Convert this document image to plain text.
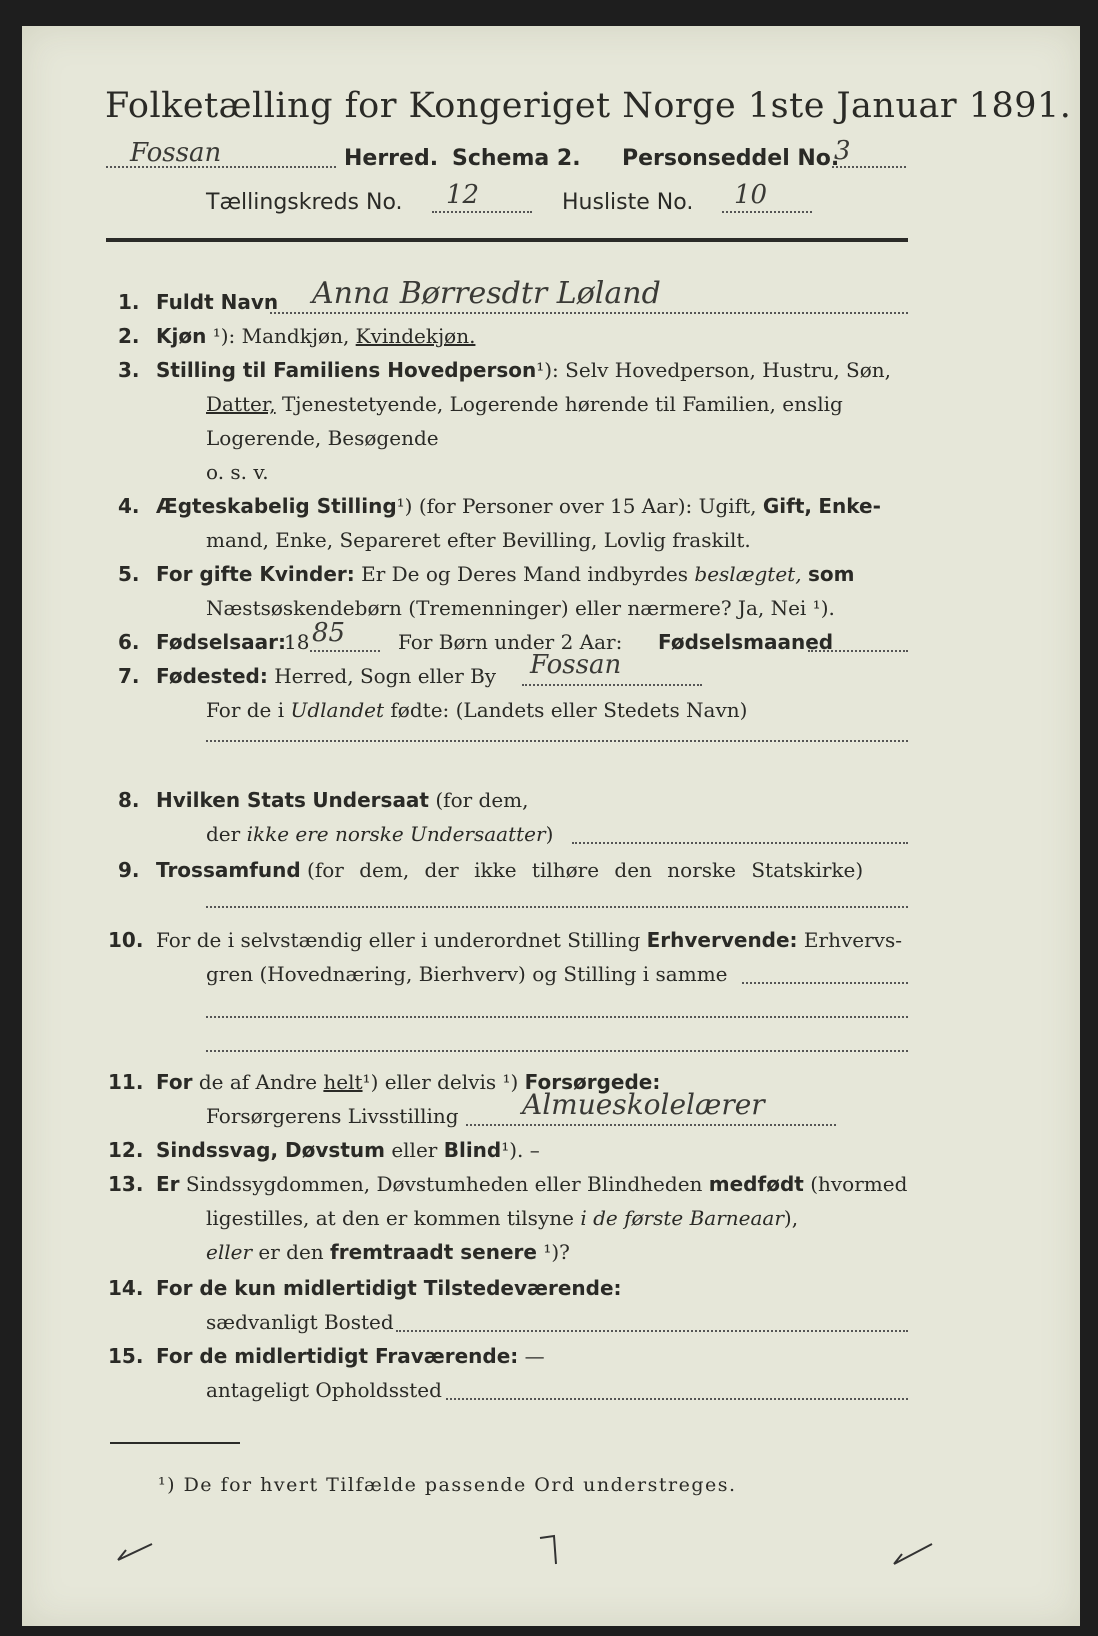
Folketælling for Kongeriget Norge 1ste Januar 1891.
Fossan	Herred. Schema 2. Personseddel No.
3
Tællingskreds No. 12	Husliste No. 10
1. Fuldt Navn Anna Børresdtr Løland
2. Kjøn ¹): Mandkjøn, Kvindekjøn.
3. Stilling til Familiens Hovedperson¹): Selv Hovedperson, Hustru, Søn,
Datter, Tjenestetyende, Logerende hørende til Familien, enslig
Logerende, Besøgende
o. s. v.
4. Ægteskabelig Stilling¹) (for Personer over 15 Aar): Ugift, Gift, Enke-
mand, Enke, Separeret efter Bevilling, Lovlig fraskilt.
5. For gifte Kvinder: Er De og Deres Mand indbyrdes beslægtet, som
Næstsøskendebørn (Tremenninger) eller nærmere? Ja, Nei ¹).
6. Fødselsaar:
18 85	For Børn under 2 Aar: Fødselsmaaned
7. Fødested: Herred, Sogn eller By Fossan
For de i Udlandet fødte: (Landets eller Stedets Navn)
8. Hvilken Stats Undersaat (for dem,
der ikke ere norske Undersaatter)
9. Trossamfund (for dem, der ikke tilhøre den norske Statskirke)
10. For de i selvstændig eller i underordnet Stilling Erhvervende: Erhvervs-
gren (Hovednæring, Bierhverv) og Stilling i samme
11. For de af Andre helt¹) eller delvis ¹) Forsørgede:
Forsørgerens Livsstilling Almueskolelærer
12. Sindssvag, Døvstum eller Blind¹). –
13. Er Sindssygdommen, Døvstumheden eller Blindheden medfødt (hvormed
ligestilles, at den er kommen tilsyne i de første Barneaar),
eller er den fremtraadt senere ¹)?
14. For de kun midlertidigt Tilstedeværende:
sædvanligt Bosted
15. For de midlertidigt Fraværende: —
antageligt Opholdssted
¹) De for hvert Tilfælde passende Ord understreges.
